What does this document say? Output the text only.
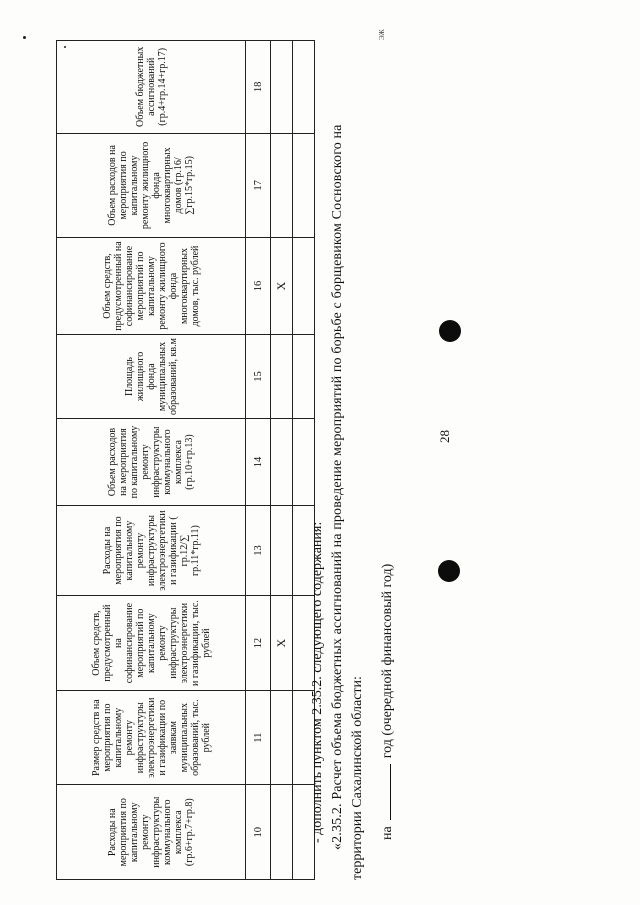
28
ЭЖ
Расходы на мероприятия по капитальному ремонту инфраструктуры коммунального комплекса (гр.6+гр.7+гр.8)	Размер средств на мероприятия по капитальному ремонту инфраструктуры электроэнергетики и газификации по заявкам муниципальных образований, тыс. рублей	Объем средств, предусмотренный на софинансирование мероприятий по капитальному ремонту инфраструктуры электроэнергетики и газификации, тыс. рублей	Расходы на мероприятия по капитальному ремонту инфраструктуры электроэнергетики и газификации ( гр.12/∑ гр.11*гр.11)	Объем расходов на мероприятия по капитальному ремонту инфраструктуры коммунального комплекса (гр.10+гр.13)	Площадь жилищного фонда муниципальных образований, кв.м	Объем средств, предусмотренный на софинансирование мероприятий по капитальному ремонту жилищного фонда многоквартирных домов, тыс. рублей	Объем расходов на мероприятия по капитальному ремонту жилищного фонда многоквартирных домов (гр.16/∑гр.15*гр.15)	Объем бюджетных ассигнований (гр.4+гр.14+гр.17)
10	11	12	13	14	15	16	17	18
		X				X		

- дополнить пунктом 2.35.2. следующего содержания: «2.35.2. Расчет объема бюджетных ассигнований на проведение мероприятий по борьбе с борщевиком Сосновского на территории Сахалинской области: нагод (очередной финансовый год)
